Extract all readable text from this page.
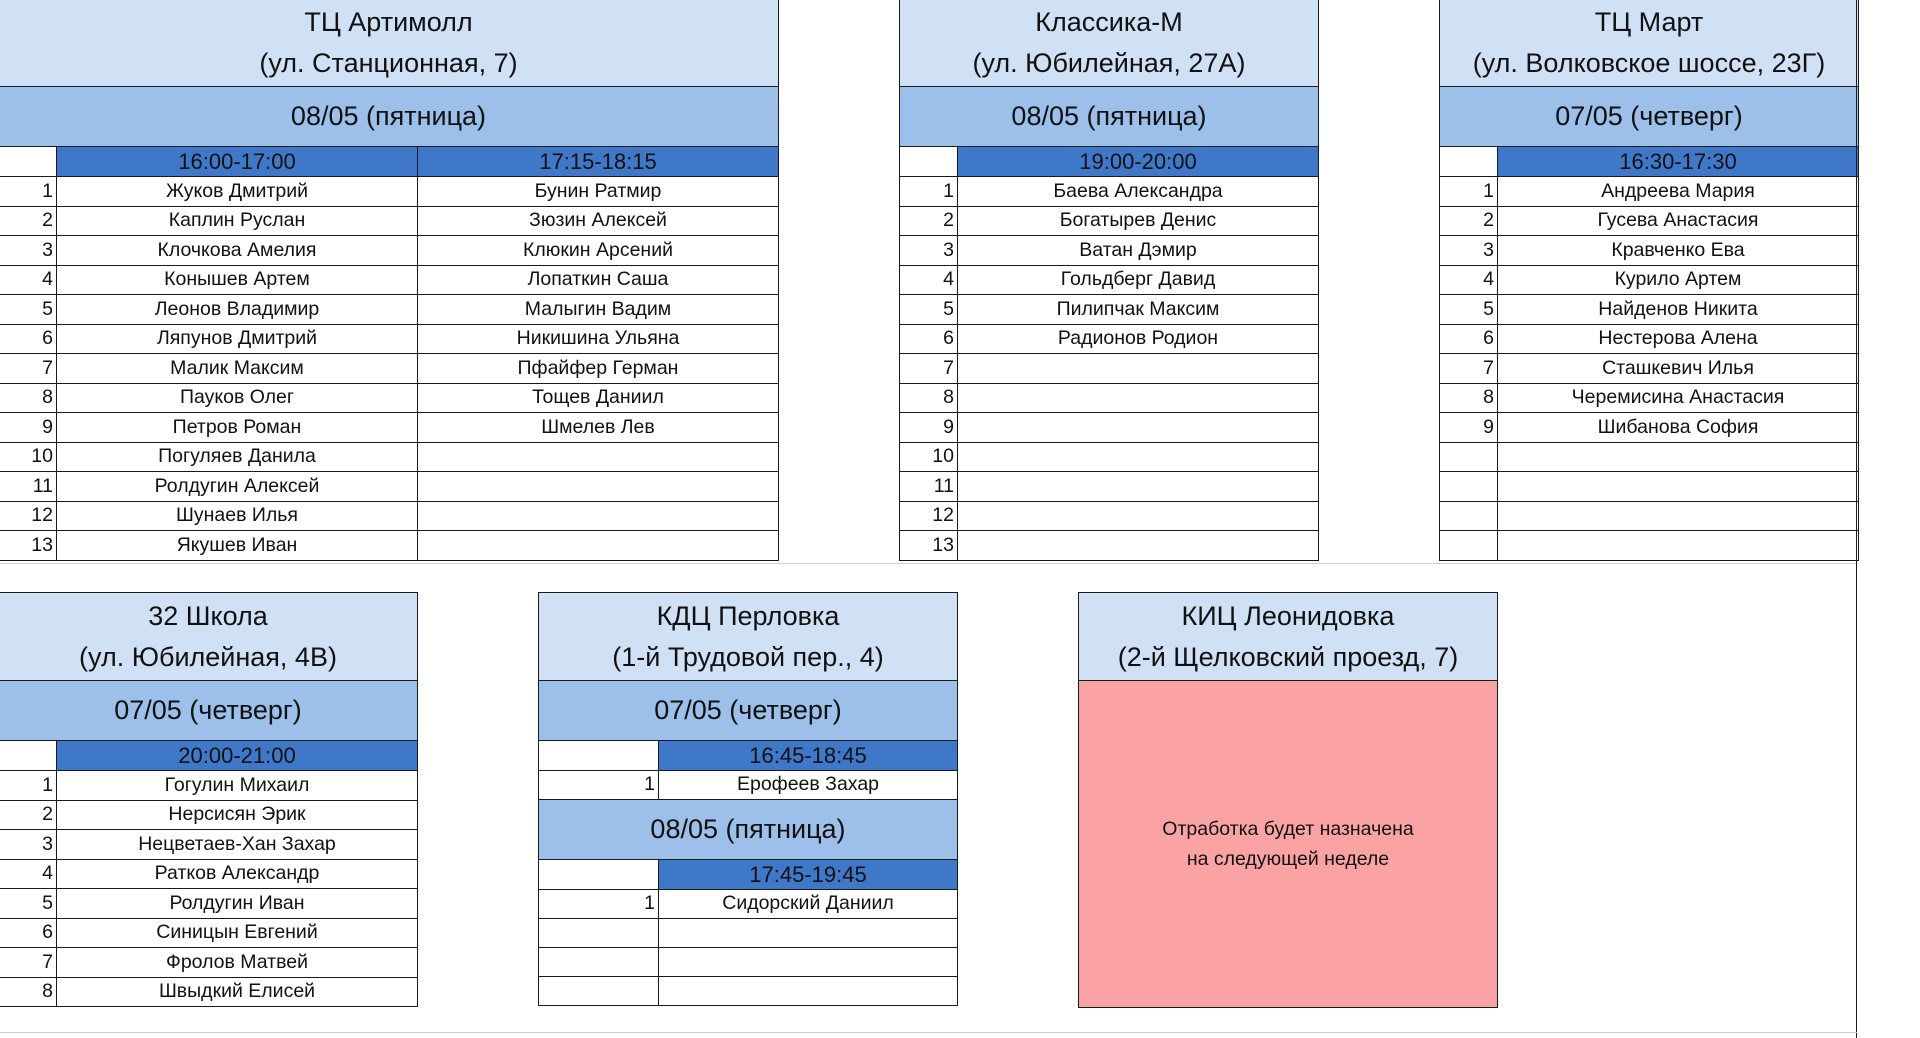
ТЦ Артимолл
(ул. Станционная, 7)		

08/05 (пятница)		
	16:00-17:00	17:15-18:15
1	Жуков Дмитрий	Бунин Ратмир
2	Каплин Руслан	Зюзин Алексей
3	Клочкова Амелия	Клюкин Арсений
4	Конышев Артем	Лопаткин Саша
5	Леонов Владимир	Малыгин Вадим
6	Ляпунов Дмитрий	Никишина Ульяна
7	Малик Максим	Пфайфер Герман
8	Пауков Олег	Тощев Даниил
9	Петров Роман	Шмелев Лев
10	Погуляев Данила	
11	Ролдугин Алексей	
12	Шунаев Илья	
13	Якушев Иван	
Классика-М
(ул. Юбилейная, 27А)	

08/05 (пятница)	
	19:00-20:00
1	Баева Александра
2	Богатырев Денис
3	Ватан Дэмир
4	Гольдберг Давид
5	Пилипчак Максим
6	Радионов Родион
7	
8	
9	
10	
11	
12	
13	
ТЦ Март
(ул. Волковское шоссе, 23Г)	

07/05 (четверг)	
	16:30-17:30
1	Андреева Мария
2	Гусева Анастасия
3	Кравченко Ева
4	Курило Артем
5	Найденов Никита
6	Нестерова Алена
7	Сташкевич Илья
8	Черемисина Анастасия
9	Шибанова София

32 Школа
(ул. Юбилейная, 4В)	

07/05 (четверг)	
	20:00-21:00
1	Гогулин Михаил
2	Нерсисян Эрик
3	Нецветаев-Хан Захар
4	Ратков Александр
5	Ролдугин Иван
6	Синицын Евгений
7	Фролов Матвей
8	Швыдкий Елисей
КДЦ Перловка
(1-й Трудовой пер., 4)	

07/05 (четверг)	
	16:45-18:45
1	Ерофеев Захар
08/05 (пятница)	
	17:45-19:45
1	Сидорский Даниил

КИЦ Леонидовка
(2-й Щелковский проезд, 7)

Отработка будет назначена
на следующей неделе
